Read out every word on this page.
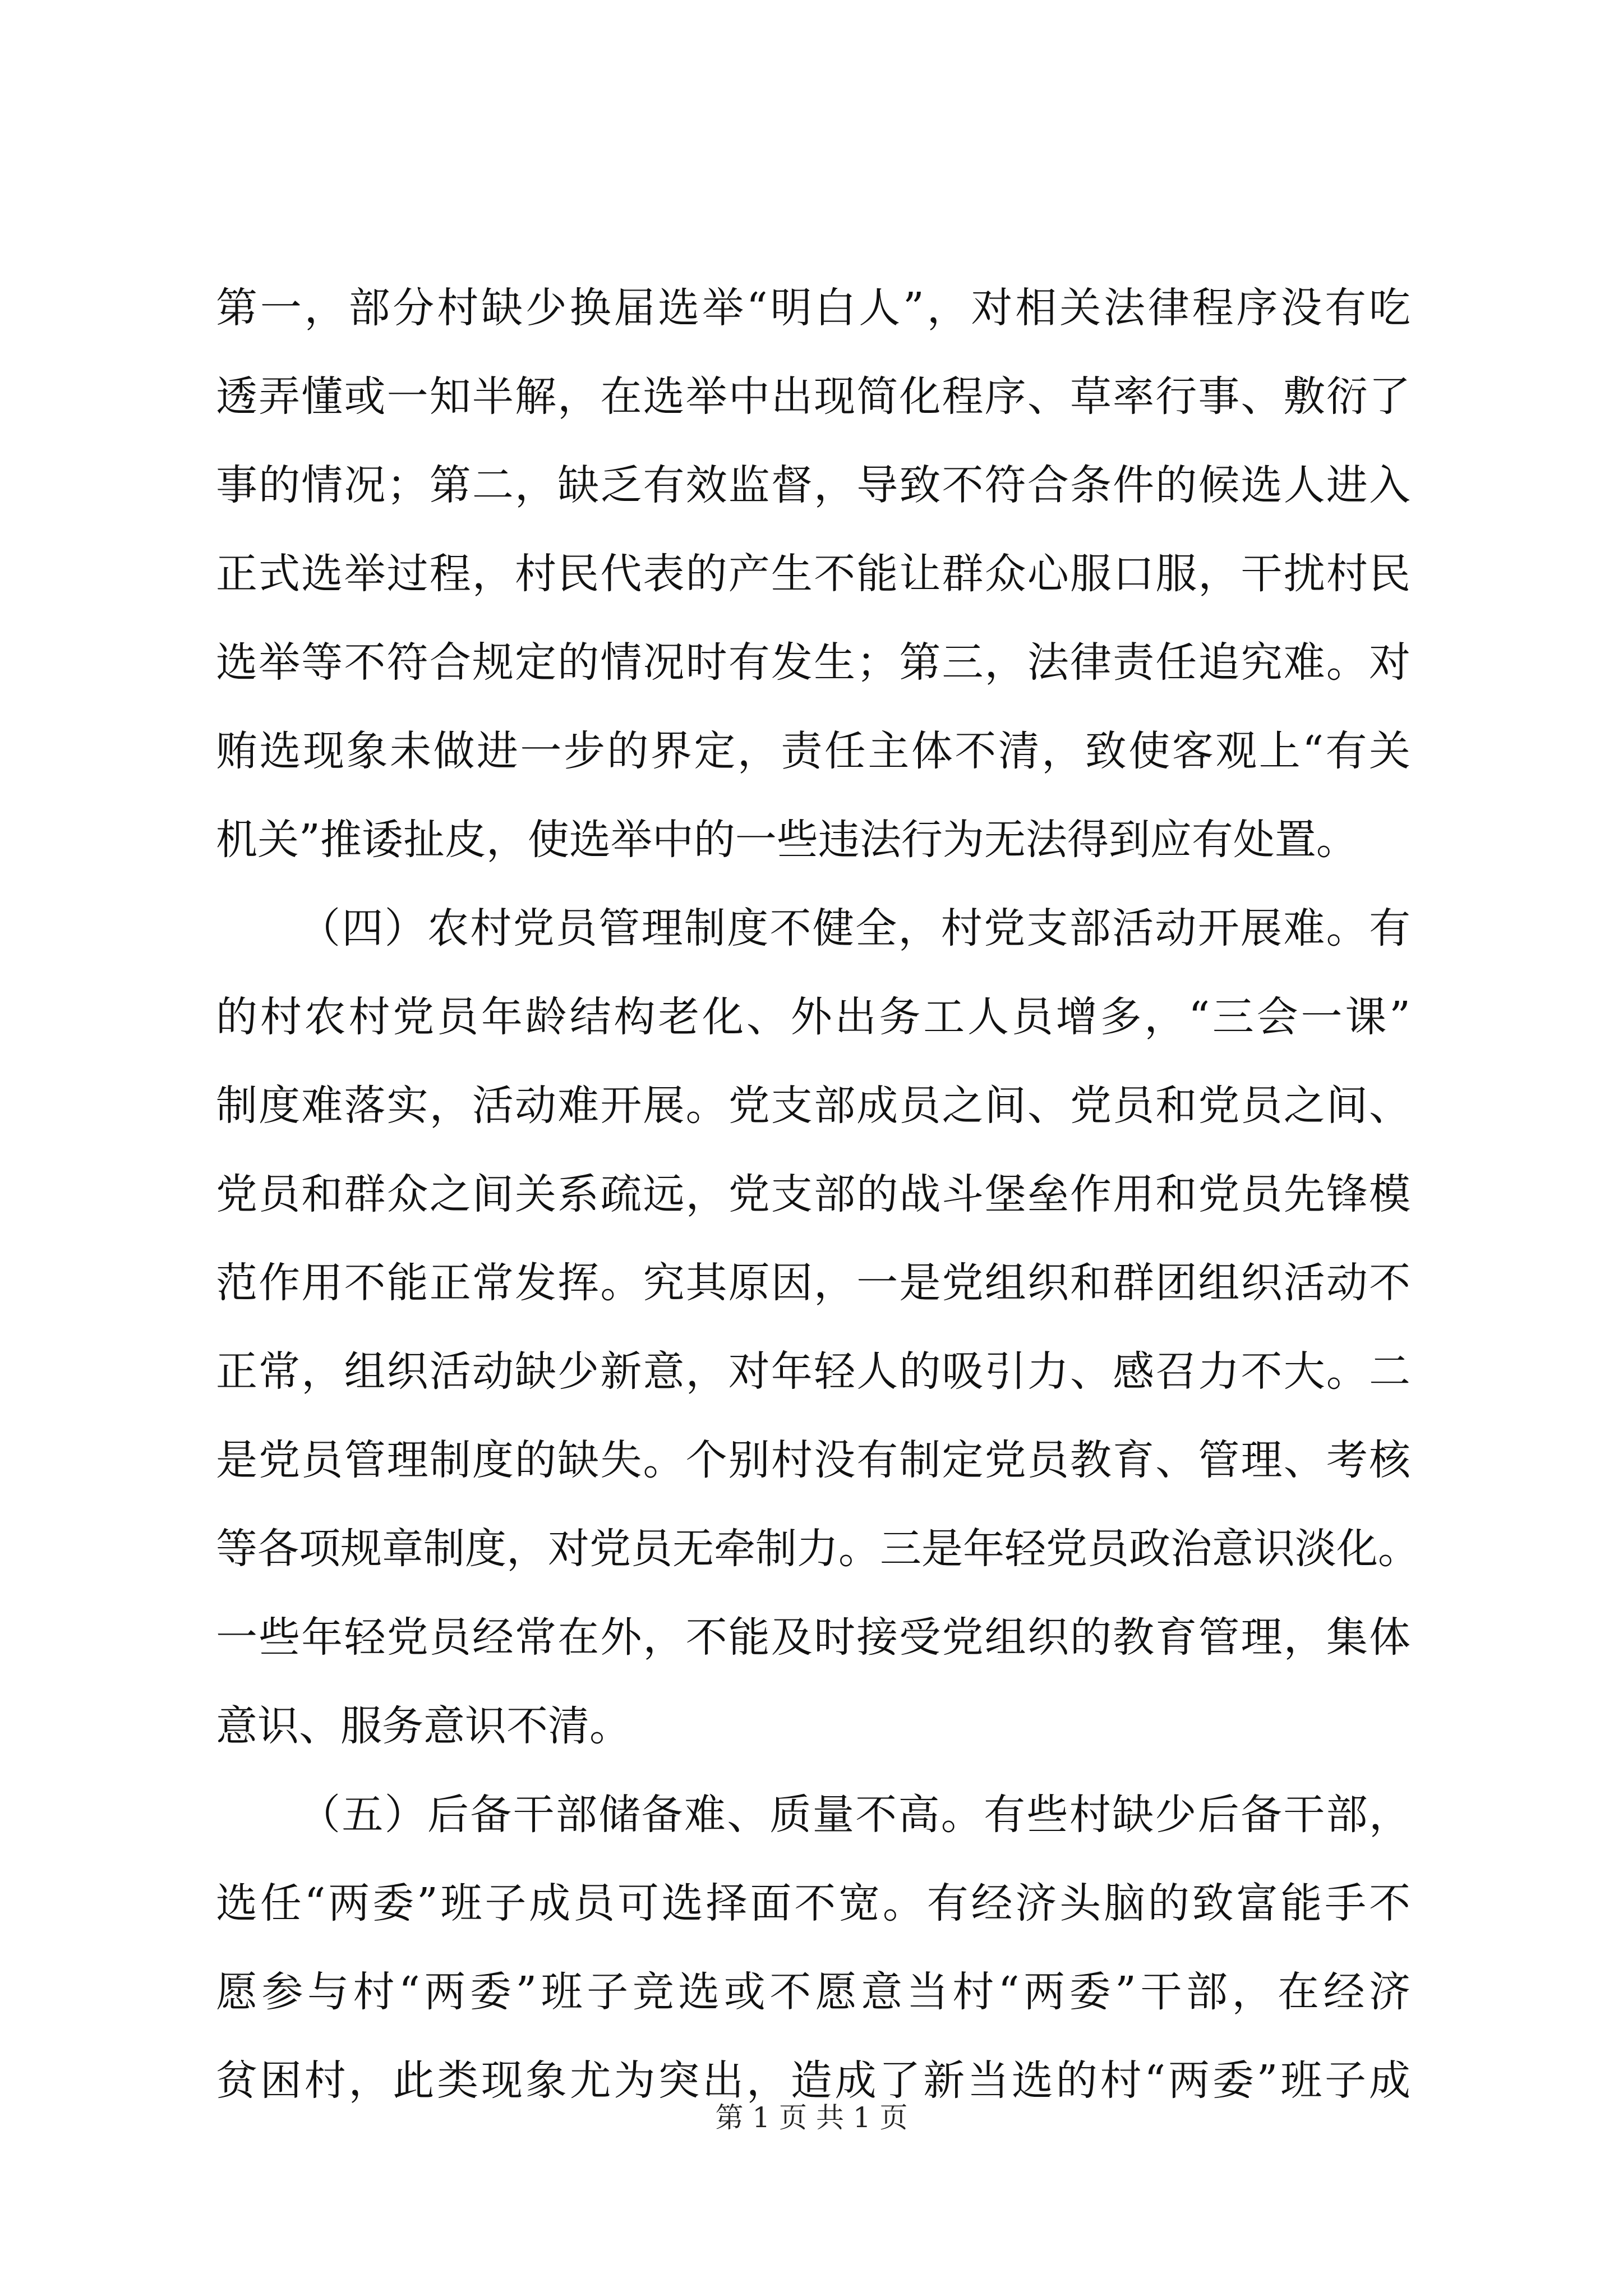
第一，部分村缺少换届选举“明白人”，对相关法律程序没有吃
透弄懂或一知半解，在选举中出现简化程序、草率行事、敷衍了
事的情况；第二，缺乏有效监督，导致不符合条件的候选人进入
正式选举过程，村民代表的产生不能让群众心服口服，干扰村民
选举等不符合规定的情况时有发生；第三，法律责任追究难。对
贿选现象未做进一步的界定，责任主体不清，致使客观上“有关
机关”推诿扯皮，使选举中的一些违法行为无法得到应有处置。
（四）农村党员管理制度不健全，村党支部活动开展难。有
的村农村党员年龄结构老化、外出务工人员增多，“三会一课”
制度难落实，活动难开展。党支部成员之间、党员和党员之间、
党员和群众之间关系疏远，党支部的战斗堡垒作用和党员先锋模
范作用不能正常发挥。究其原因，一是党组织和群团组织活动不
正常，组织活动缺少新意，对年轻人的吸引力、感召力不大。二
是党员管理制度的缺失。个别村没有制定党员教育、管理、考核
等各项规章制度，对党员无牵制力。三是年轻党员政治意识淡化。
一些年轻党员经常在外，不能及时接受党组织的教育管理，集体
意识、服务意识不清。
（五）后备干部储备难、质量不高。有些村缺少后备干部，
选任“两委”班子成员可选择面不宽。有经济头脑的致富能手不
愿参与村“两委”班子竞选或不愿意当村“两委”干部，在经济
贫困村，此类现象尤为突出，造成了新当选的村“两委”班子成
第 1 页 共 1 页
